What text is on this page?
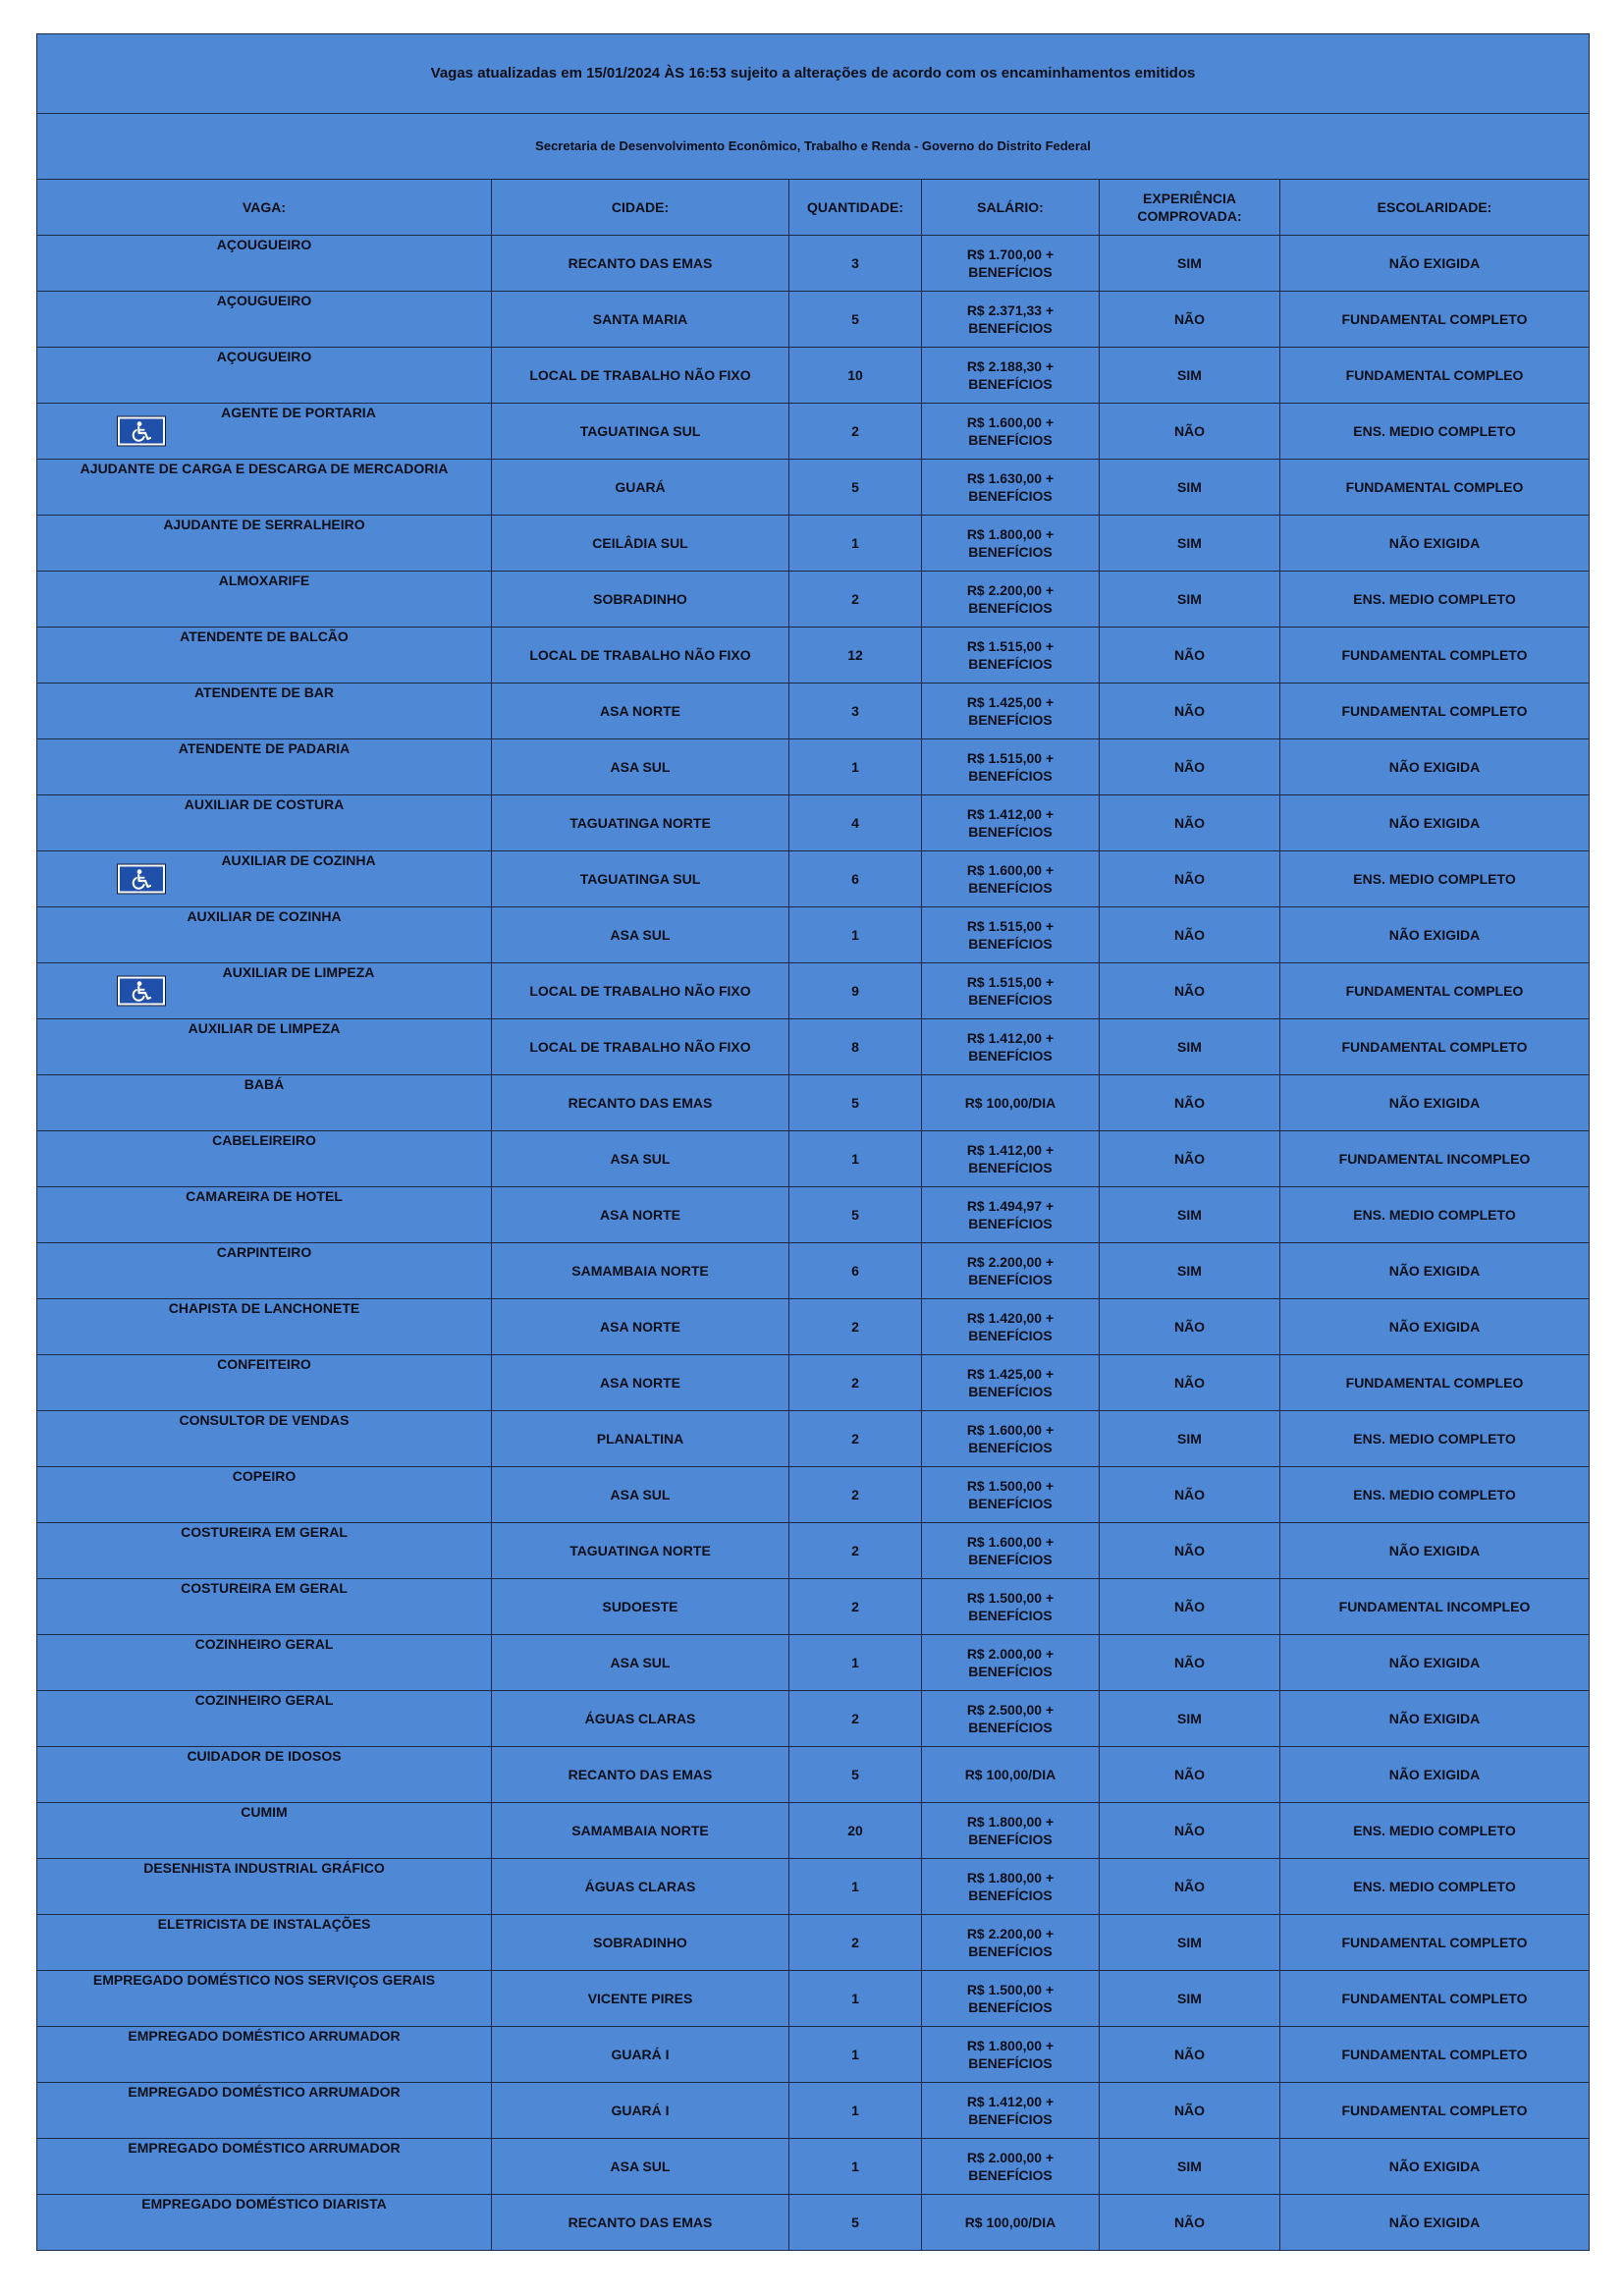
Vagas atualizadas em 15/01/2024 ÀS 16:53 sujeito a alterações de acordo com os encaminhamentos emitidos					
Secretaria de Desenvolvimento Econômico, Trabalho e Renda - Governo do Distrito Federal					
VAGA:	CIDADE:	QUANTIDADE:	SALÁRIO:	EXPERIÊNCIA
COMPROVADA:	ESCOLARIDADE:

AÇOUGUEIRO	RECANTO DAS EMAS	3	R$ 1.700,00 +
BENEFÍCIOS	SIM	NÃO EXIGIDA

AÇOUGUEIRO	SANTA MARIA	5	R$ 2.371,33 +
BENEFÍCIOS	NÃO	FUNDAMENTAL COMPLETO

AÇOUGUEIRO	LOCAL DE TRABALHO NÃO FIXO	10	R$ 2.188,30 +
BENEFÍCIOS	SIM	FUNDAMENTAL COMPLEO

AGENTE DE PORTARIA	TAGUATINGA SUL	2	R$ 1.600,00 +
BENEFÍCIOS	NÃO	ENS. MEDIO COMPLETO

AJUDANTE DE CARGA E DESCARGA DE MERCADORIA	GUARÁ	5	R$ 1.630,00 +
BENEFÍCIOS	SIM	FUNDAMENTAL COMPLEO

AJUDANTE DE SERRALHEIRO	CEILÂDIA SUL	1	R$ 1.800,00 +
BENEFÍCIOS	SIM	NÃO EXIGIDA

ALMOXARIFE	SOBRADINHO	2	R$ 2.200,00 +
BENEFÍCIOS	SIM	ENS. MEDIO COMPLETO

ATENDENTE DE BALCÃO	LOCAL DE TRABALHO NÃO FIXO	12	R$ 1.515,00 +
BENEFÍCIOS	NÃO	FUNDAMENTAL COMPLETO

ATENDENTE DE BAR	ASA NORTE	3	R$ 1.425,00 +
BENEFÍCIOS	NÃO	FUNDAMENTAL COMPLETO

ATENDENTE DE PADARIA	ASA SUL	1	R$ 1.515,00 +
BENEFÍCIOS	NÃO	NÃO EXIGIDA

AUXILIAR DE COSTURA	TAGUATINGA NORTE	4	R$ 1.412,00 +
BENEFÍCIOS	NÃO	NÃO EXIGIDA

AUXILIAR DE COZINHA	TAGUATINGA SUL	6	R$ 1.600,00 +
BENEFÍCIOS	NÃO	ENS. MEDIO COMPLETO

AUXILIAR DE COZINHA	ASA SUL	1	R$ 1.515,00 +
BENEFÍCIOS	NÃO	NÃO EXIGIDA

AUXILIAR DE LIMPEZA	LOCAL DE TRABALHO NÃO FIXO	9	R$ 1.515,00 +
BENEFÍCIOS	NÃO	FUNDAMENTAL COMPLEO

AUXILIAR DE LIMPEZA	LOCAL DE TRABALHO NÃO FIXO	8	R$ 1.412,00 +
BENEFÍCIOS	SIM	FUNDAMENTAL COMPLETO

BABÁ	RECANTO DAS EMAS	5	R$ 100,00/DIA	NÃO	NÃO EXIGIDA

CABELEIREIRO	ASA SUL	1	R$ 1.412,00 +
BENEFÍCIOS	NÃO	FUNDAMENTAL INCOMPLEO

CAMAREIRA DE HOTEL	ASA NORTE	5	R$ 1.494,97 +
BENEFÍCIOS	SIM	ENS. MEDIO COMPLETO

CARPINTEIRO	SAMAMBAIA NORTE	6	R$ 2.200,00 +
BENEFÍCIOS	SIM	NÃO EXIGIDA

CHAPISTA DE LANCHONETE	ASA NORTE	2	R$ 1.420,00 +
BENEFÍCIOS	NÃO	NÃO EXIGIDA

CONFEITEIRO	ASA NORTE	2	R$ 1.425,00 +
BENEFÍCIOS	NÃO	FUNDAMENTAL COMPLEO

CONSULTOR DE VENDAS	PLANALTINA	2	R$ 1.600,00 +
BENEFÍCIOS	SIM	ENS. MEDIO COMPLETO

COPEIRO	ASA SUL	2	R$ 1.500,00 +
BENEFÍCIOS	NÃO	ENS. MEDIO COMPLETO

COSTUREIRA EM GERAL	TAGUATINGA NORTE	2	R$ 1.600,00 +
BENEFÍCIOS	NÃO	NÃO EXIGIDA

COSTUREIRA EM GERAL	SUDOESTE	2	R$ 1.500,00 +
BENEFÍCIOS	NÃO	FUNDAMENTAL INCOMPLEO

COZINHEIRO GERAL	ASA SUL	1	R$ 2.000,00 +
BENEFÍCIOS	NÃO	NÃO EXIGIDA

COZINHEIRO GERAL	ÁGUAS CLARAS	2	R$ 2.500,00 +
BENEFÍCIOS	SIM	NÃO EXIGIDA

CUIDADOR DE IDOSOS	RECANTO DAS EMAS	5	R$ 100,00/DIA	NÃO	NÃO EXIGIDA

CUMIM	SAMAMBAIA NORTE	20	R$ 1.800,00 +
BENEFÍCIOS	NÃO	ENS. MEDIO COMPLETO

DESENHISTA INDUSTRIAL GRÁFICO	ÁGUAS CLARAS	1	R$ 1.800,00 +
BENEFÍCIOS	NÃO	ENS. MEDIO COMPLETO

ELETRICISTA DE INSTALAÇÕES	SOBRADINHO	2	R$ 2.200,00 +
BENEFÍCIOS	SIM	FUNDAMENTAL COMPLETO

EMPREGADO DOMÉSTICO NOS SERVIÇOS GERAIS	VICENTE PIRES	1	R$ 1.500,00 +
BENEFÍCIOS	SIM	FUNDAMENTAL COMPLETO

EMPREGADO DOMÉSTICO ARRUMADOR	GUARÁ I	1	R$ 1.800,00 +
BENEFÍCIOS	NÃO	FUNDAMENTAL COMPLETO

EMPREGADO DOMÉSTICO ARRUMADOR	GUARÁ I	1	R$ 1.412,00 +
BENEFÍCIOS	NÃO	FUNDAMENTAL COMPLETO

EMPREGADO DOMÉSTICO ARRUMADOR	ASA SUL	1	R$ 2.000,00 +
BENEFÍCIOS	SIM	NÃO EXIGIDA

EMPREGADO DOMÉSTICO DIARISTA	RECANTO DAS EMAS	5	R$ 100,00/DIA	NÃO	NÃO EXIGIDA
